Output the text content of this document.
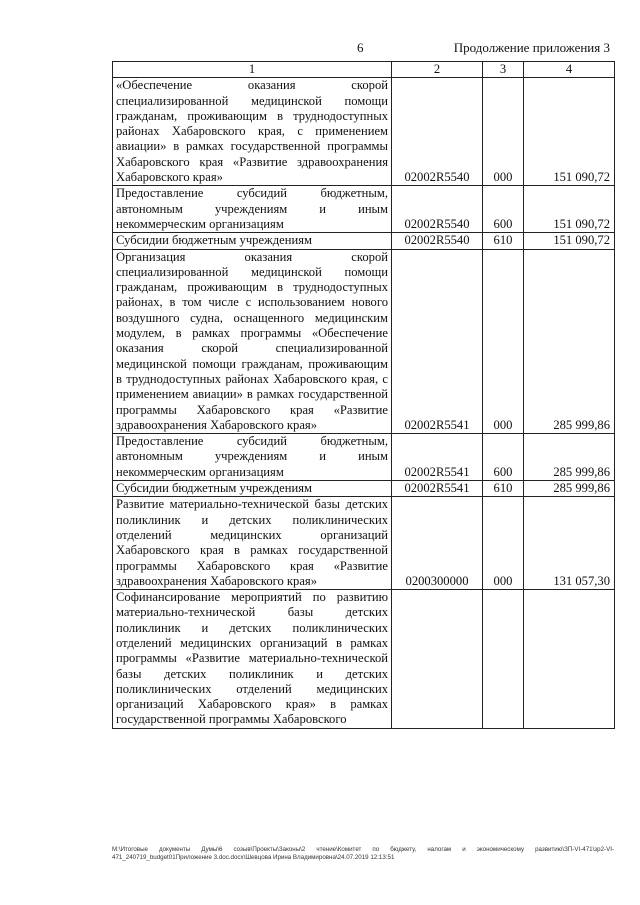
6	Продолжение приложения 3
1	2	3	4
«Обеспечение оказания скорой специализированной медицинской помощи гражданам, проживающим в труднодоступных районах Хабаровского края, с применением авиации» в рамках государственной программы Хабаровского края «Развитие здравоохранения Хабаровского края»	02002R5540	000	151 090,72
Предоставление субсидий бюджетным, автономным учреждениям и иным некоммерческим организациям	02002R5540	600	151 090,72
Субсидии бюджетным учреждениям	02002R5540	610	151 090,72
Организация оказания скорой специализированной медицинской помощи гражданам, проживающим в труднодоступных районах, в том числе с использованием нового воздушного судна, оснащенного медицинским модулем, в рамках программы «Обеспечение оказания скорой специализированной медицинской помощи гражданам, проживающим в труднодоступных районах Хабаровского края, с применением авиации» в рамках государственной программы Хабаровского края «Развитие здравоохранения Хабаровского края»	02002R5541	000	285 999,86
Предоставление субсидий бюджетным, автономным учреждениям и иным некоммерческим организациям	02002R5541	600	285 999,86
Субсидии бюджетным учреждениям	02002R5541	610	285 999,86
Развитие материально-технической базы детских поликлиник и детских поликлинических отделений медицинских организаций Хабаровского края в рамках государственной программы Хабаровского края «Развитие здравоохранения Хабаровского края»	0200300000	000	131 057,30
Софинансирование мероприятий по развитию материально-технической базы детских поликлиник и детских поликлинических отделений медицинских организаций в рамках программы «Развитие материально-технической базы детских поликлиник и детских поликлинических отделений медицинских организаций Хабаровского края» в рамках государственной программы Хабаровского			
М:\Итоговые документы Думы\6 созыв\Проекты\Законы\2 чтение\Комитет по бюджету, налогам и экономическому развитию\ЗП-VI-471\зр2-VI-471_240719_budget01Приложение 3.doc.docx\Шевцова Ирина Владимировна\24.07.2019 12:13:51
